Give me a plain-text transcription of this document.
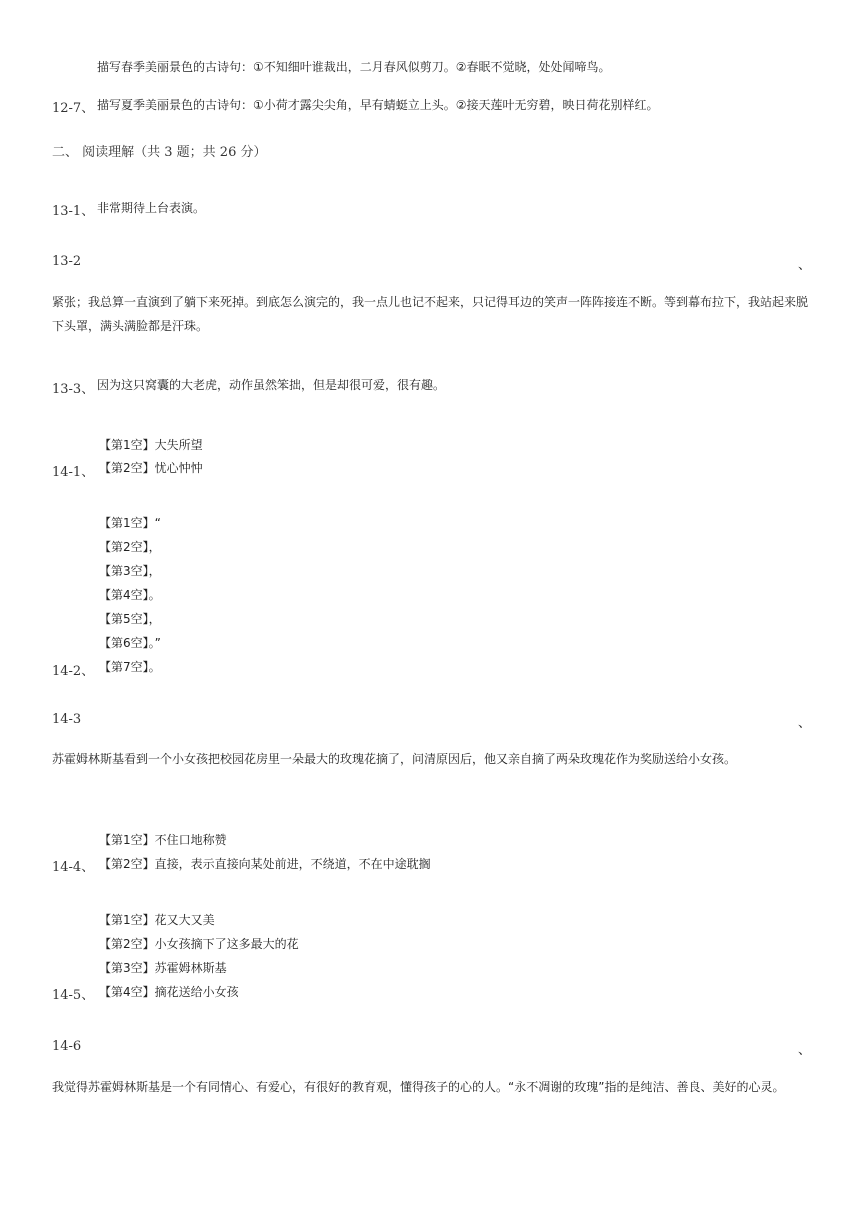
描写春季美丽景色的古诗句：①不知细叶谁裁出，二月春风似剪刀。②春眠不觉晓，处处闻啼鸟。
12-7、 描写夏季美丽景色的古诗句：①小荷才露尖尖角，早有蜻蜓立上头。②接天莲叶无穷碧，映日荷花别样红。
二、 阅读理解（共 3 题；共 26 分）
13-1、 非常期待上台表演。
13-2	、
紧张；我总算一直演到了躺下来死掉。到底怎么演完的，我一点儿也记不起来，只记得耳边的笑声一阵阵接连不断。等到幕布拉下，我站起来脱下头罩，满头满脸都是汗珠。
13-3、 因为这只窝囊的大老虎，动作虽然笨拙，但是却很可爱，很有趣。
【第1空】大失所望
【第2空】忧心忡忡
14-1、
【第1空】“
【第2空】，
【第3空】，
【第4空】。
【第5空】，
【第6空】。”
【第7空】。
14-2、
14-3	、
苏霍姆林斯基看到一个小女孩把校园花房里一朵最大的玫瑰花摘了，问清原因后，他又亲自摘了两朵玫瑰花作为奖励送给小女孩。
【第1空】不住口地称赞
【第2空】直接，表示直接向某处前进，不绕道，不在中途耽搁
14-4、
【第1空】花又大又美
【第2空】小女孩摘下了这多最大的花
【第3空】苏霍姆林斯基
【第4空】摘花送给小女孩
14-5、
14-6	、
我觉得苏霍姆林斯基是一个有同情心、有爱心，有很好的教育观，懂得孩子的心的人。“永不凋谢的玫瑰”指的是纯洁、善良、美好的心灵。
